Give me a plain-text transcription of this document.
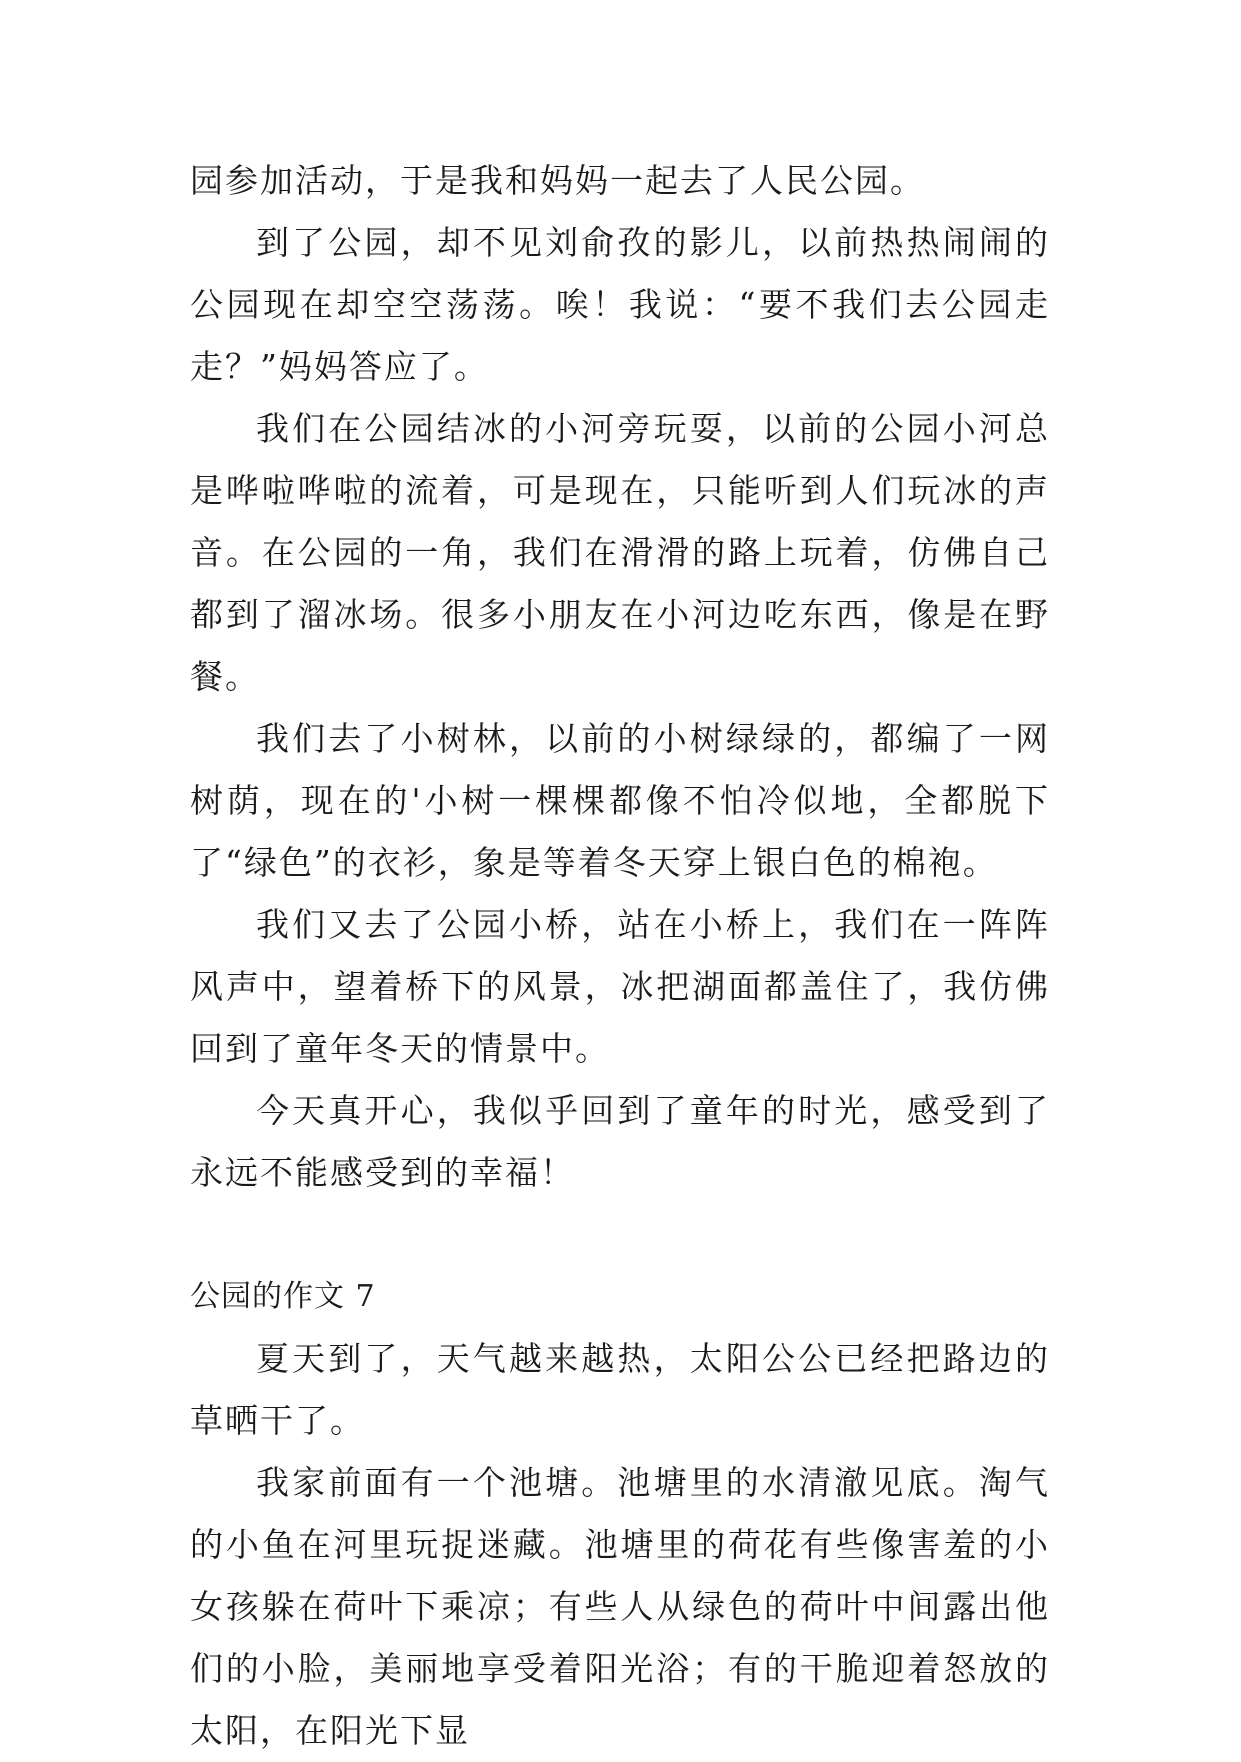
园参加活动，于是我和妈妈一起去了人民公园。

到了公园，却不见刘俞孜的影儿，以前热热闹闹的公园现在却空空荡荡。唉！我说：“要不我们去公园走走？”妈妈答应了。

我们在公园结冰的小河旁玩耍，以前的公园小河总是哗啦哗啦的流着，可是现在，只能听到人们玩冰的声音。在公园的一角，我们在滑滑的路上玩着，仿佛自己都到了溜冰场。很多小朋友在小河边吃东西，像是在野餐。

我们去了小树林，以前的小树绿绿的，都编了一网树荫，现在的'小树一棵棵都像不怕冷似地，全都脱下了“绿色”的衣衫，象是等着冬天穿上银白色的棉袍。

我们又去了公园小桥，站在小桥上，我们在一阵阵风声中，望着桥下的风景，冰把湖面都盖住了，我仿佛回到了童年冬天的情景中。

今天真开心，我似乎回到了童年的时光，感受到了永远不能感受到的幸福！

公园的作文 7

夏天到了，天气越来越热，太阳公公已经把路边的草晒干了。

我家前面有一个池塘。池塘里的水清澈见底。淘气的小鱼在河里玩捉迷藏。池塘里的荷花有些像害羞的小女孩躲在荷叶下乘凉；有些人从绿色的荷叶中间露出他们的小脸，美丽地享受着阳光浴；有的干脆迎着怒放的太阳，在阳光下显
